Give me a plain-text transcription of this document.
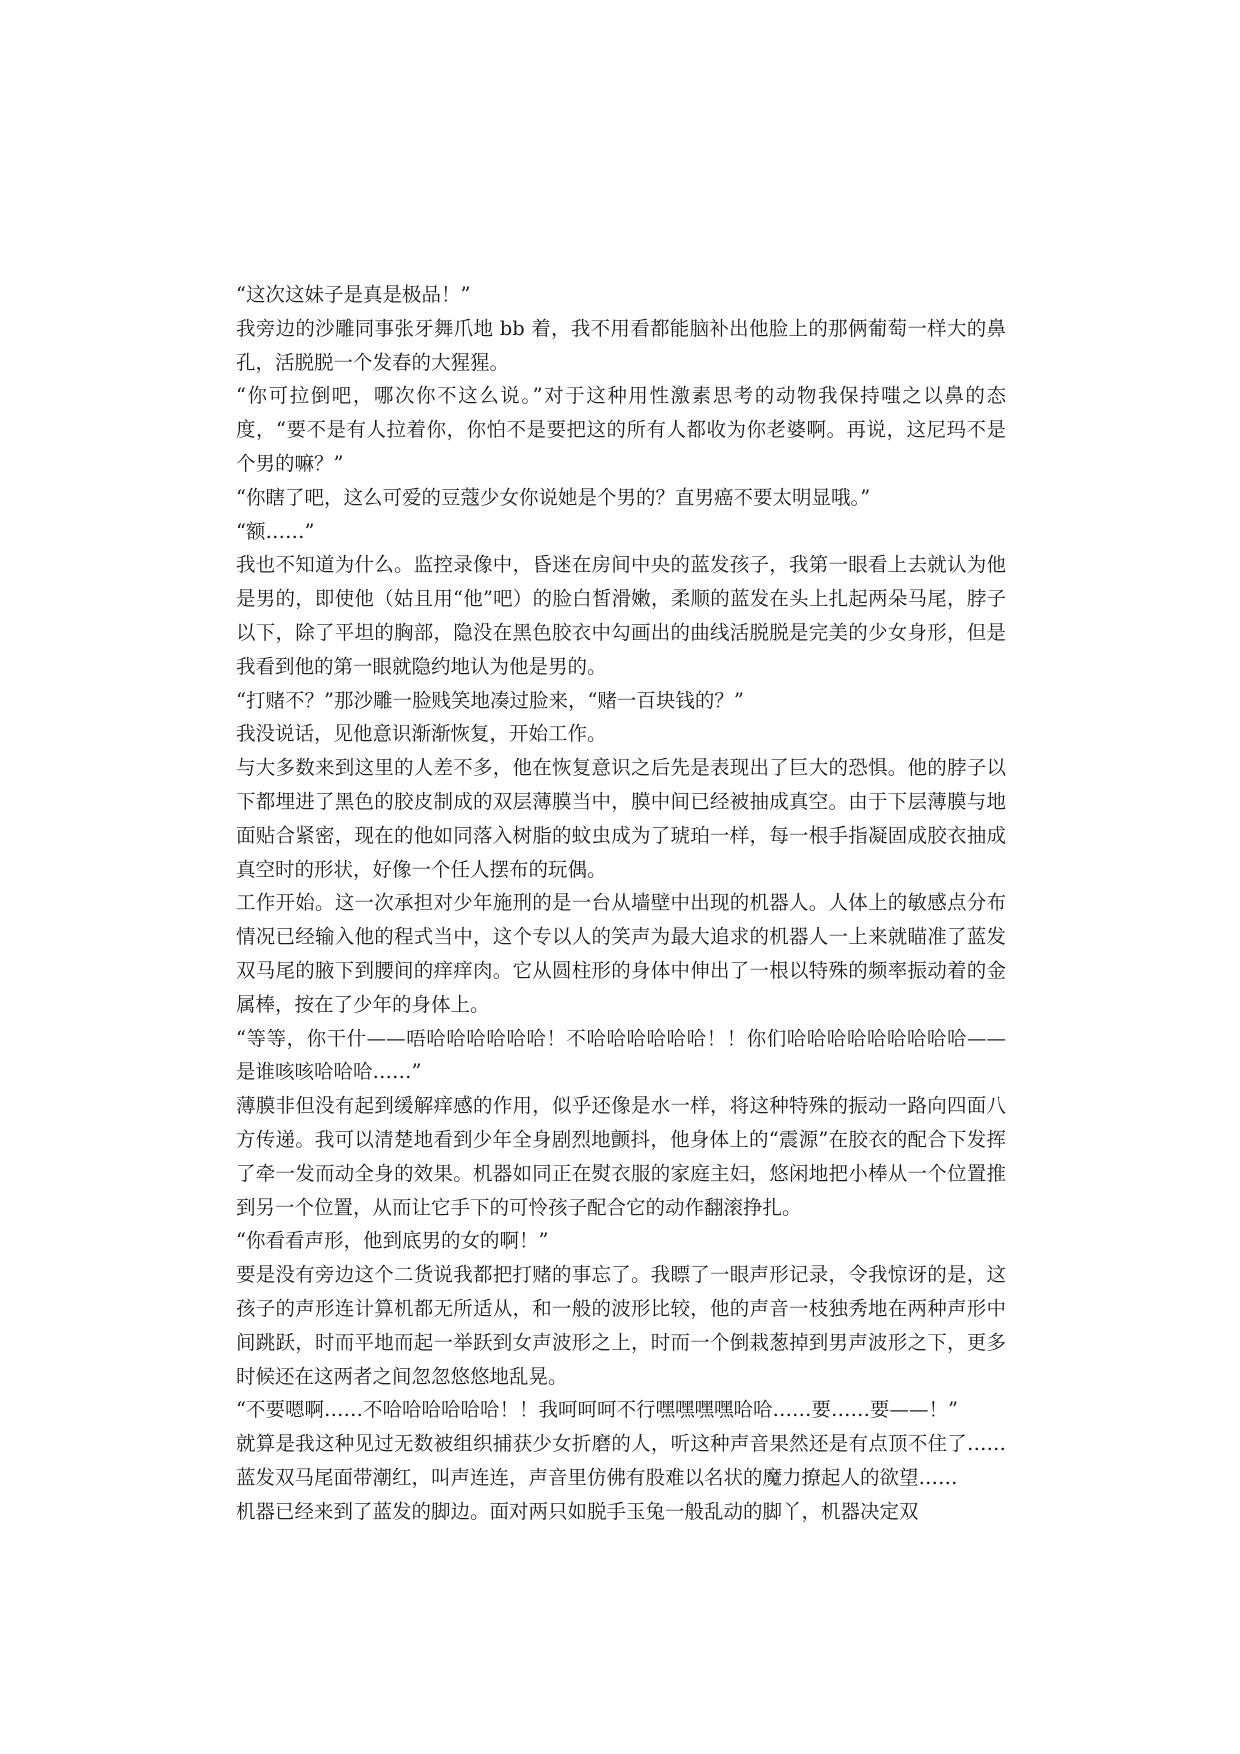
“这次这妹子是真是极品！”

我旁边的沙雕同事张牙舞爪地 bb 着，我不用看都能脑补出他脸上的那俩葡萄一样大的鼻孔，活脱脱一个发春的大猩猩。

“你可拉倒吧，哪次你不这么说。”对于这种用性激素思考的动物我保持嗤之以鼻的态度，“要不是有人拉着你，你怕不是要把这的所有人都收为你老婆啊。再说，这尼玛不是个男的嘛？”

“你瞎了吧，这么可爱的豆蔻少女你说她是个男的？直男癌不要太明显哦。”

“额……”

我也不知道为什么。监控录像中，昏迷在房间中央的蓝发孩子，我第一眼看上去就认为他是男的，即使他（姑且用“他”吧）的脸白皙滑嫩，柔顺的蓝发在头上扎起两朵马尾，脖子以下，除了平坦的胸部，隐没在黑色胶衣中勾画出的曲线活脱脱是完美的少女身形，但是我看到他的第一眼就隐约地认为他是男的。

“打赌不？”那沙雕一脸贱笑地凑过脸来，“赌一百块钱的？”

我没说话，见他意识渐渐恢复，开始工作。

与大多数来到这里的人差不多，他在恢复意识之后先是表现出了巨大的恐惧。他的脖子以下都埋进了黑色的胶皮制成的双层薄膜当中，膜中间已经被抽成真空。由于下层薄膜与地面贴合紧密，现在的他如同落入树脂的蚊虫成为了琥珀一样，每一根手指凝固成胶衣抽成真空时的形状，好像一个任人摆布的玩偶。

工作开始。这一次承担对少年施刑的是一台从墙壁中出现的机器人。人体上的敏感点分布情况已经输入他的程式当中，这个专以人的笑声为最大追求的机器人一上来就瞄准了蓝发双马尾的腋下到腰间的痒痒肉。它从圆柱形的身体中伸出了一根以特殊的频率振动着的金属棒，按在了少年的身体上。

“等等，你干什——唔哈哈哈哈哈哈！不哈哈哈哈哈哈！！你们哈哈哈哈哈哈哈哈哈——是谁咳咳哈哈哈……”

薄膜非但没有起到缓解痒感的作用，似乎还像是水一样，将这种特殊的振动一路向四面八方传递。我可以清楚地看到少年全身剧烈地颤抖，他身体上的“震源”在胶衣的配合下发挥了牵一发而动全身的效果。机器如同正在熨衣服的家庭主妇，悠闲地把小棒从一个位置推到另一个位置，从而让它手下的可怜孩子配合它的动作翻滚挣扎。

“你看看声形，他到底男的女的啊！”

要是没有旁边这个二货说我都把打赌的事忘了。我瞟了一眼声形记录，令我惊讶的是，这孩子的声形连计算机都无所适从，和一般的波形比较，他的声音一枝独秀地在两种声形中间跳跃，时而平地而起一举跃到女声波形之上，时而一个倒栽葱掉到男声波形之下，更多时候还在这两者之间忽忽悠悠地乱晃。

“不要嗯啊……不哈哈哈哈哈哈！！我呵呵呵不行嘿嘿嘿嘿哈哈……要……要——！”

就算是我这种见过无数被组织捕获少女折磨的人，听这种声音果然还是有点顶不住了……蓝发双马尾面带潮红，叫声连连，声音里仿佛有股难以名状的魔力撩起人的欲望……

机器已经来到了蓝发的脚边。面对两只如脱手玉兔一般乱动的脚丫，机器决定双
